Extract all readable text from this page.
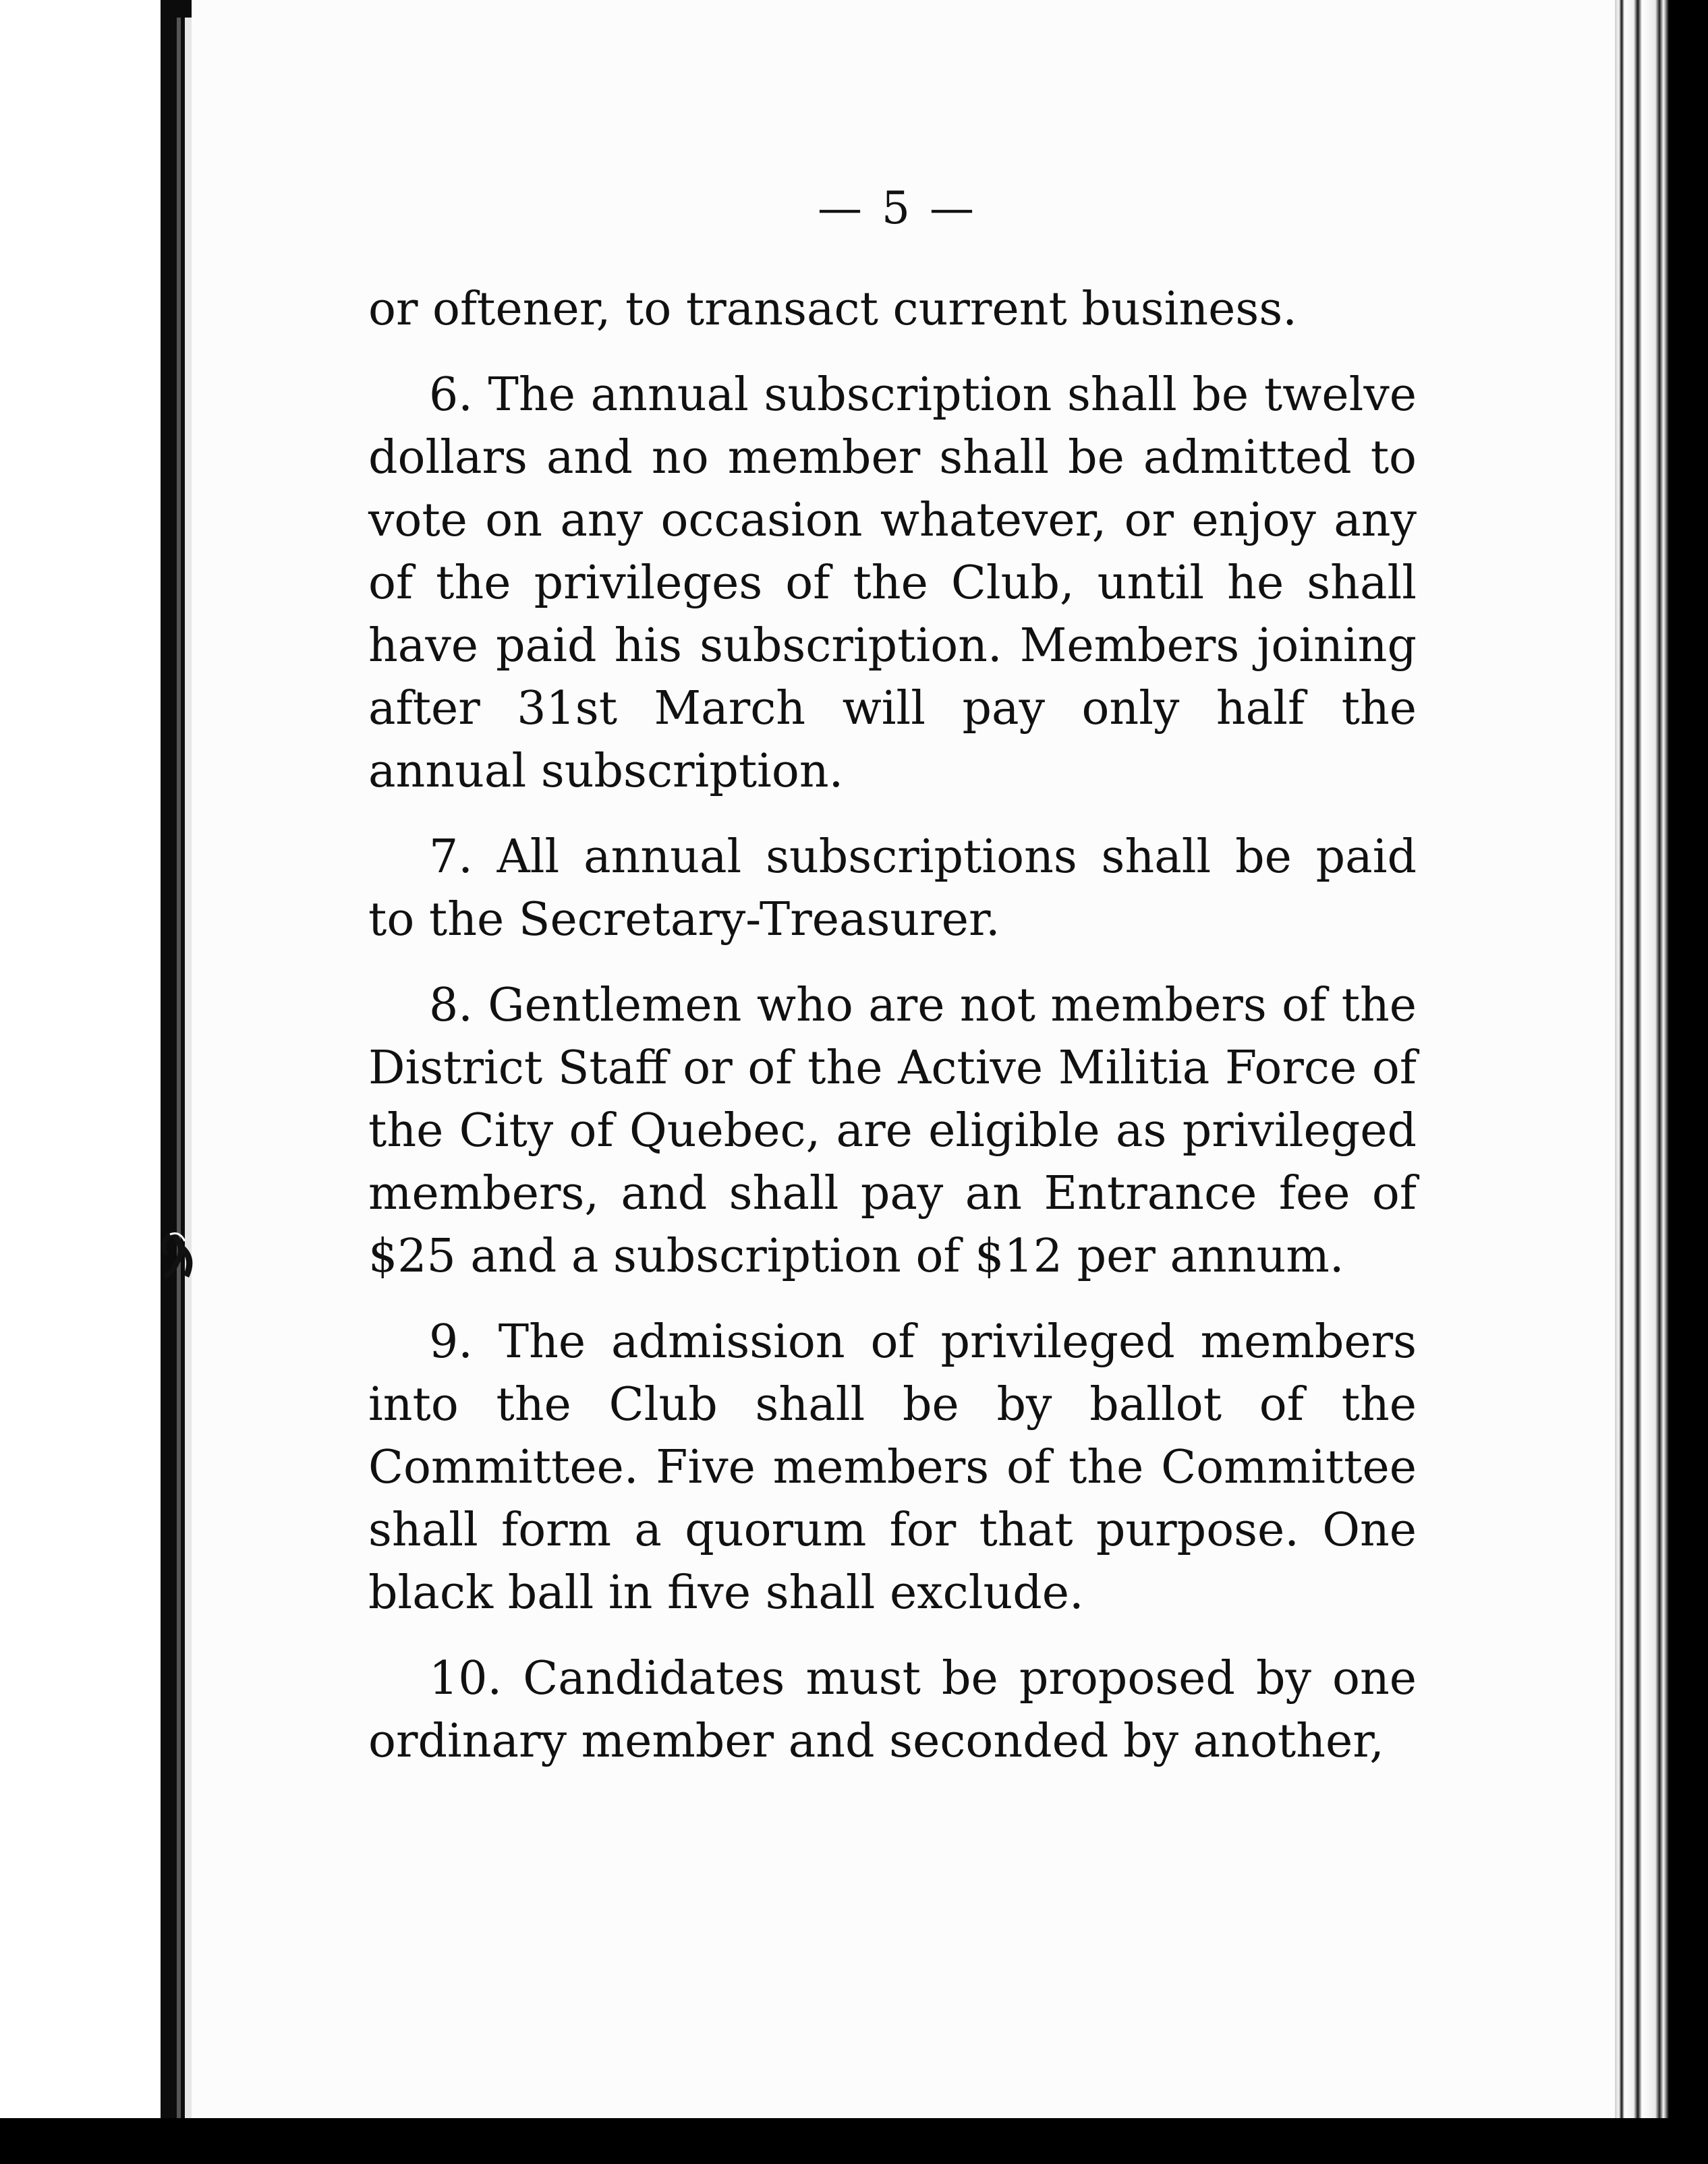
— 5 —

or oftener, to transact current business.

6. The annual subscription shall be twelve dollars and no member shall be admitted to vote on any occasion whatever, or enjoy any of the privileges of the Club, until he shall have paid his subscription. Members joining after 31st March will pay only half the annual subscription.

7. All annual subscriptions shall be paid to the Secretary-Treasurer.

8. Gentlemen who are not members of the District Staff or of the Active Militia Force of the City of Quebec, are eligible as privileged members, and shall pay an Entrance fee of $25 and a subscription of $12 per annum.

9. The admission of privileged members into the Club shall be by ballot of the Committee. Five members of the Committee shall form a quorum for that purpose. One black ball in five shall exclude.

10. Candidates must be proposed by one ordinary member and seconded by another,
